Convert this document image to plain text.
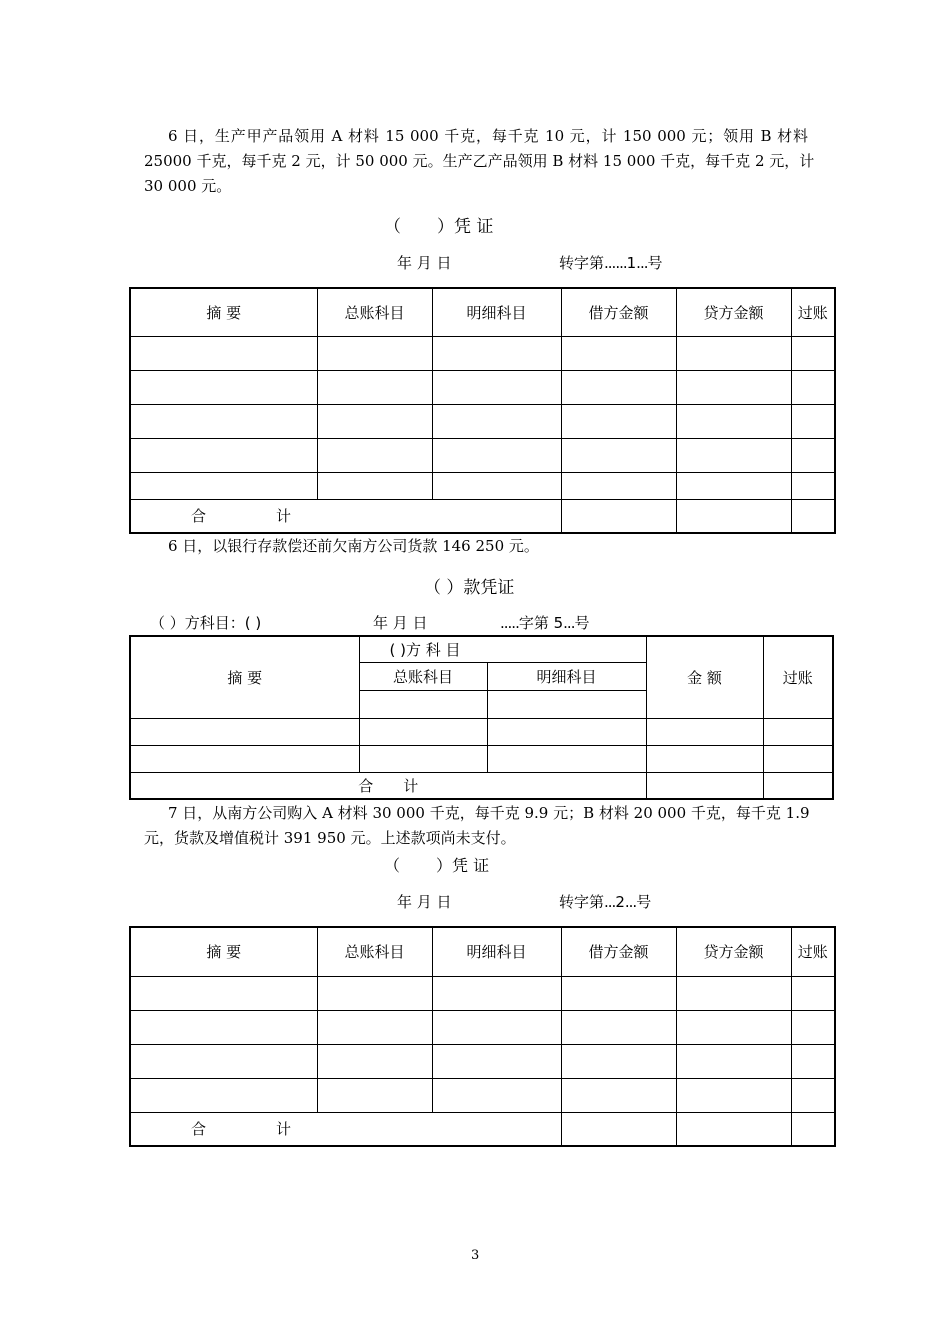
6 日，生产甲产品领用 A 材料 15 000 千克，每千克 10 元，计 150 000 元；领用 B 材料
25000 千克，每千克 2 元，计 50 000 元。生产乙产品领用 B 材料 15 000 千克，每千克 2 元，计
30 000 元。
（ ）凭 证
年 月 日	转字第......1...号
摘 要	总账科目	明细科目	借方金额	贷方金额	过账

合 计					
6 日，以银行存款偿还前欠南方公司货款 146 250 元。
（ ）款凭证
（ ）方科目：( )	年 月 日	.....字第 5...号
摘 要	( )方 科 目		金 额	过账
	总账科目	明细科目		

合 计				
7 日，从南方公司购入 A 材料 30 000 千克，每千克 9.9 元；B 材料 20 000 千克，每千克 1.9
元，货款及增值税计 391 950 元。上述款项尚未支付。
（ ）凭 证
年 月 日	转字第...2...号
摘 要	总账科目	明细科目	借方金额	贷方金额	过账

合 计					
3
